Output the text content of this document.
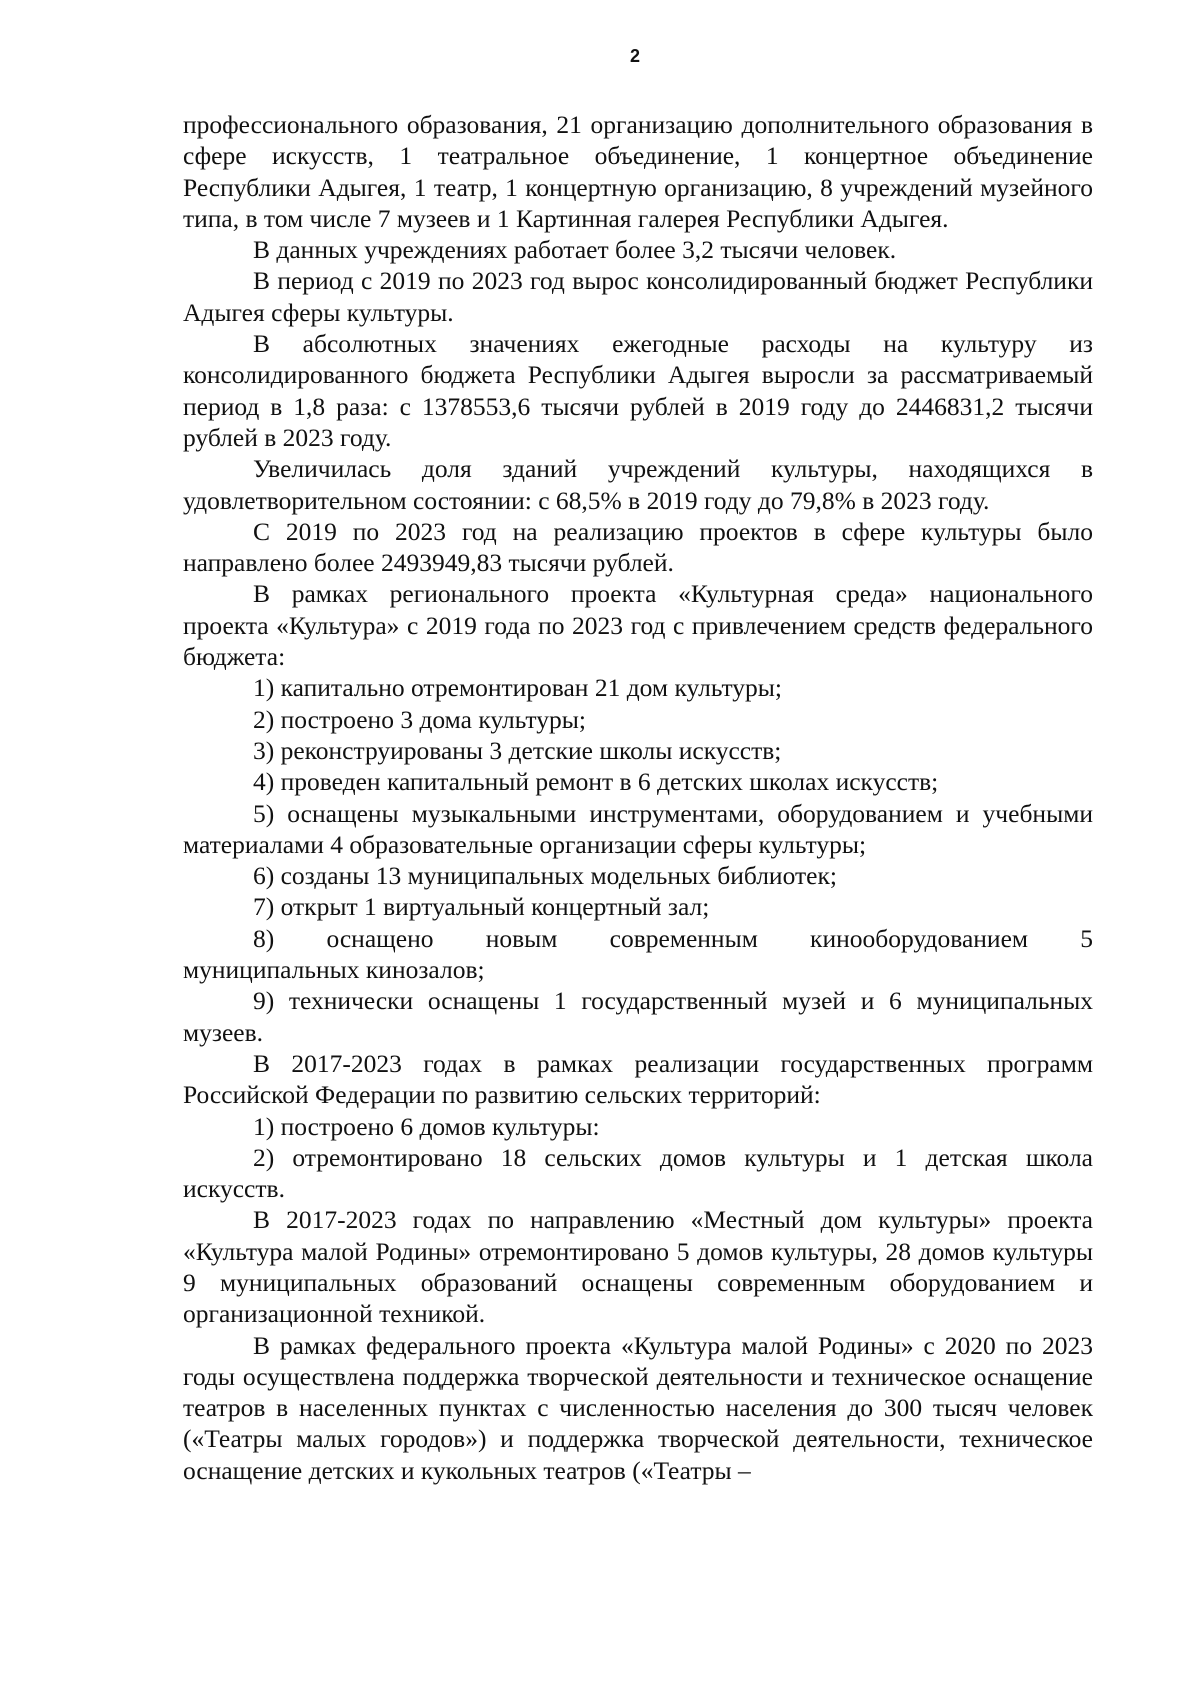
2

профессионального образования, 21 организацию дополнительного образования в сфере искусств, 1 театральное объединение, 1 концертное объединение Республики Адыгея, 1 театр, 1 концертную организацию, 8 учреждений музейного типа, в том числе 7 музеев и 1 Картинная галерея Республики Адыгея.

В данных учреждениях работает более 3,2 тысячи человек.

В период с 2019 по 2023 год вырос консолидированный бюджет Республики Адыгея сферы культуры.

В абсолютных значениях ежегодные расходы на культуру из консолидированного бюджета Республики Адыгея выросли за рассматриваемый период в 1,8 раза: с 1378553,6 тысячи рублей в 2019 году до 2446831,2 тысячи рублей в 2023 году.

Увеличилась доля зданий учреждений культуры, находящихся в удовлетворительном состоянии: с 68,5% в 2019 году до 79,8% в 2023 году.

С 2019 по 2023 год на реализацию проектов в сфере культуры было направлено более 2493949,83 тысячи рублей.

В рамках регионального проекта «Культурная среда» национального проекта «Культура» с 2019 года по 2023 год с привлечением средств федерального бюджета:

1) капитально отремонтирован 21 дом культуры;

2) построено 3 дома культуры;

3) реконструированы 3 детские школы искусств;

4) проведен капитальный ремонт в 6 детских школах искусств;

5) оснащены музыкальными инструментами, оборудованием и учебными материалами 4 образовательные организации сферы культуры;

6) созданы 13 муниципальных модельных библиотек;

7) открыт 1 виртуальный концертный зал;

8) оснащено новым современным кинооборудованием 5

муниципальных кинозалов;

9) технически оснащены 1 государственный музей и 6 муниципальных музеев.

В 2017-2023 годах в рамках реализации государственных программ Российской Федерации по развитию сельских территорий:

1) построено 6 домов культуры:

2) отремонтировано 18 сельских домов культуры и 1 детская школа искусств.

В 2017-2023 годах по направлению «Местный дом культуры» проекта «Культура малой Родины» отремонтировано 5 домов культуры, 28 домов культуры 9 муниципальных образований оснащены современным оборудованием и организационной техникой.

В рамках федерального проекта «Культура малой Родины» с 2020 по 2023 годы осуществлена поддержка творческой деятельности и техническое оснащение театров в населенных пунктах с численностью населения до 300 тысяч человек («Театры малых городов») и поддержка творческой деятельности, техническое оснащение детских и кукольных театров («Театры –
